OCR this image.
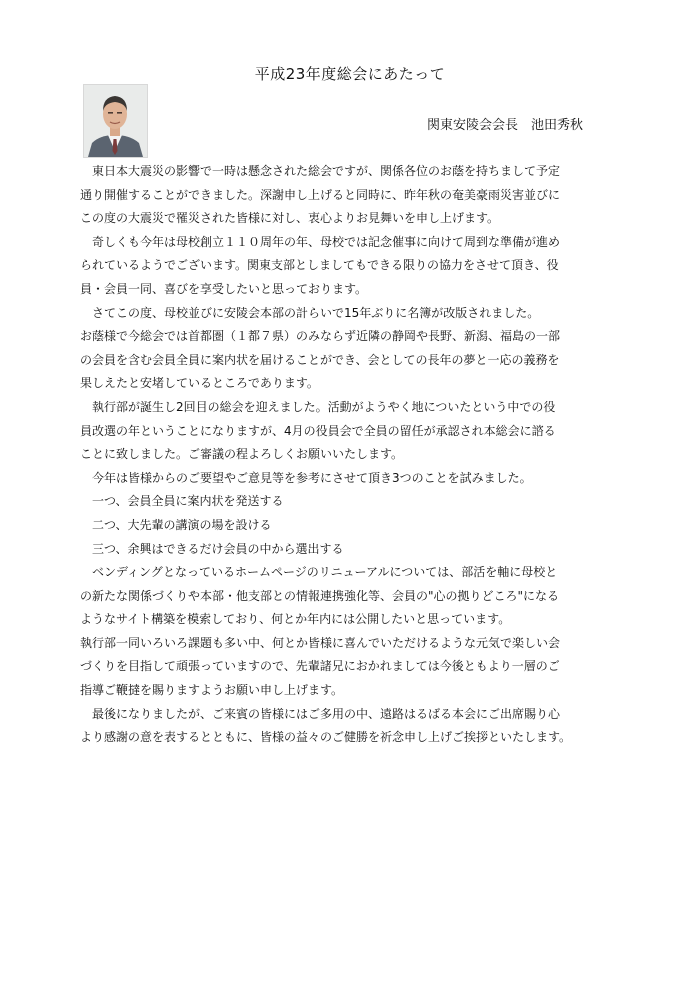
平成23年度総会にあたって
関東安陵会会長　池田秀秋

　東日本大震災の影響で一時は懸念された総会ですが、関係各位のお蔭を持ちまして予定

通り開催することができました。深謝申し上げると同時に、昨年秋の奄美豪雨災害並びに

この度の大震災で罹災された皆様に対し、衷心よりお見舞いを申し上げます。

　奇しくも今年は母校創立１１０周年の年、母校では記念催事に向けて周到な準備が進め

られているようでございます。関東支部としましてもできる限りの協力をさせて頂き、役

員・会員一同、喜びを享受したいと思っております。

　さてこの度、母校並びに安陵会本部の計らいで15年ぶりに名簿が改版されました。

お蔭様で今総会では首都圏（１都７県）のみならず近隣の静岡や長野、新潟、福島の一部

の会員を含む会員全員に案内状を届けることができ、会としての長年の夢と一応の義務を

果しえたと安堵しているところであります。

　執行部が誕生し2回目の総会を迎えました。活動がようやく地についたという中での役

員改選の年ということになりますが、4月の役員会で全員の留任が承認され本総会に諮る

ことに致しました。ご審議の程よろしくお願いいたします。

　今年は皆様からのご要望やご意見等を参考にさせて頂き3つのことを試みました。

　一つ、会員全員に案内状を発送する

　二つ、大先輩の講演の場を設ける

　三つ、余興はできるだけ会員の中から選出する

　ベンディングとなっているホームページのリニューアルについては、部活を軸に母校と

の新たな関係づくりや本部・他支部との情報連携強化等、会員の"心の拠りどころ"になる

ようなサイト構築を模索しており、何とか年内には公開したいと思っています。

執行部一同いろいろ課題も多い中、何とか皆様に喜んでいただけるような元気で楽しい会

づくりを目指して頑張っていますので、先輩諸兄におかれましては今後ともより一層のご

指導ご鞭撻を賜りますようお願い申し上げます。

　最後になりましたが、ご来賓の皆様にはご多用の中、遠路はるばる本会にご出席賜り心

より感謝の意を表するとともに、皆様の益々のご健勝を祈念申し上げご挨拶といたします。
